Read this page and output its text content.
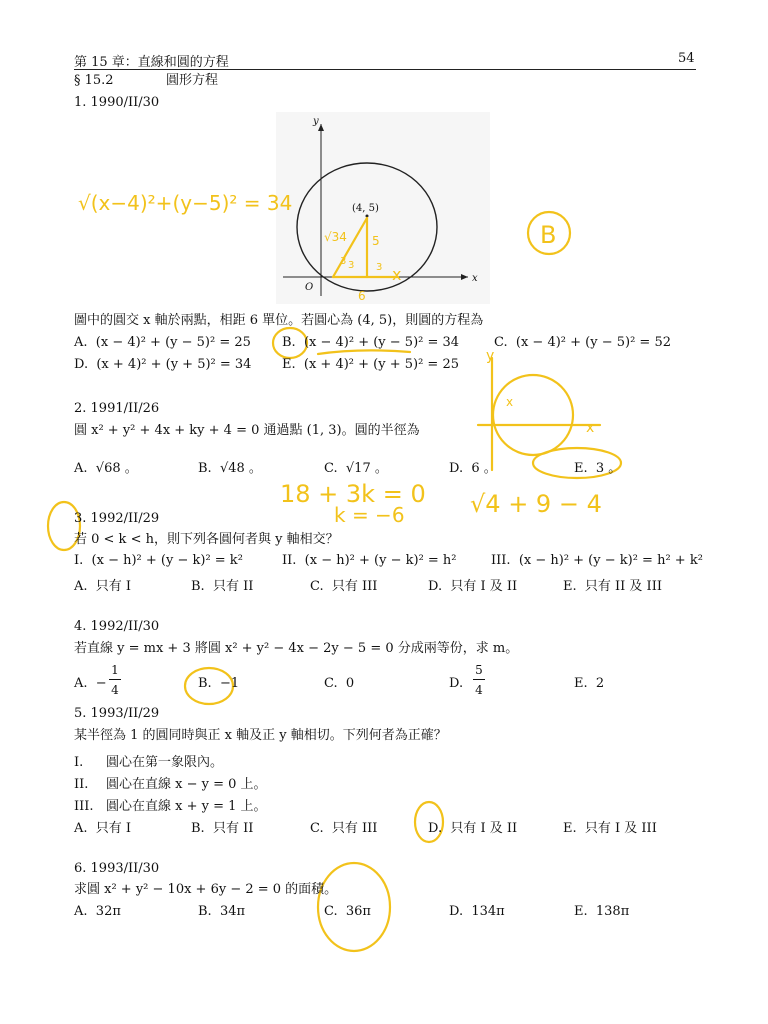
第 15 章：直線和圓的方程	54
§ 15.2	圓形方程
1. 1990/II/30
(4, 5)
x
y
O
√34 5
3
3
3
6
x
√(x−4)²+(y−5)² = 34
B
y
x
x
18 + 3k = 0
k = −6	√4 + 9 − 4
圖中的圓交 x 軸於兩點，相距 6 單位。若圓心為 (4, 5)，則圓的方程為
A. (x − 4)² + (y − 5)² = 25 B. (x − 4)² + (y − 5)² = 34	C. (x − 4)² + (y − 5)² = 52
D. (x + 4)² + (y + 5)² = 34 E. (x + 4)² + (y + 5)² = 25
2. 1991/II/26
圓 x² + y² + 4x + ky + 4 = 0 通過點 (1, 3)。圓的半徑為
A. √68 。	B. √48 。	C. √17 。	D. 6 。	E. 3 。
3. 1992/II/29
若 0 < k < h，則下列各圓何者與 y 軸相交？
I. (x − h)² + (y − k)² = k²	II. (x − h)² + (y − k)² = h²	III. (x − h)² + (y − k)² = h² + k²
A. 只有 I	B. 只有 II	C. 只有 III	D. 只有 I 及 II	E. 只有 II 及 III
4. 1992/II/30
若直線 y = mx + 3 將圓 x² + y² − 4x − 2y − 5 = 0 分成兩等份，求 m。
A. −
1
4	B. −1	C. 0	D.
5
4	E. 2
5. 1993/II/29
某半徑為 1 的圓同時與正 x 軸及正 y 軸相切。下列何者為正確？
I. 圓心在第一象限內。
II. 圓心在直線 x − y = 0 上。
III. 圓心在直線 x + y = 1 上。
A. 只有 I	B. 只有 II	C. 只有 III	D. 只有 I 及 II	E. 只有 I 及 III
6. 1993/II/30
求圓 x² + y² − 10x + 6y − 2 = 0 的面積。
A. 32π	B. 34π	C. 36π	D. 134π	E. 138π
